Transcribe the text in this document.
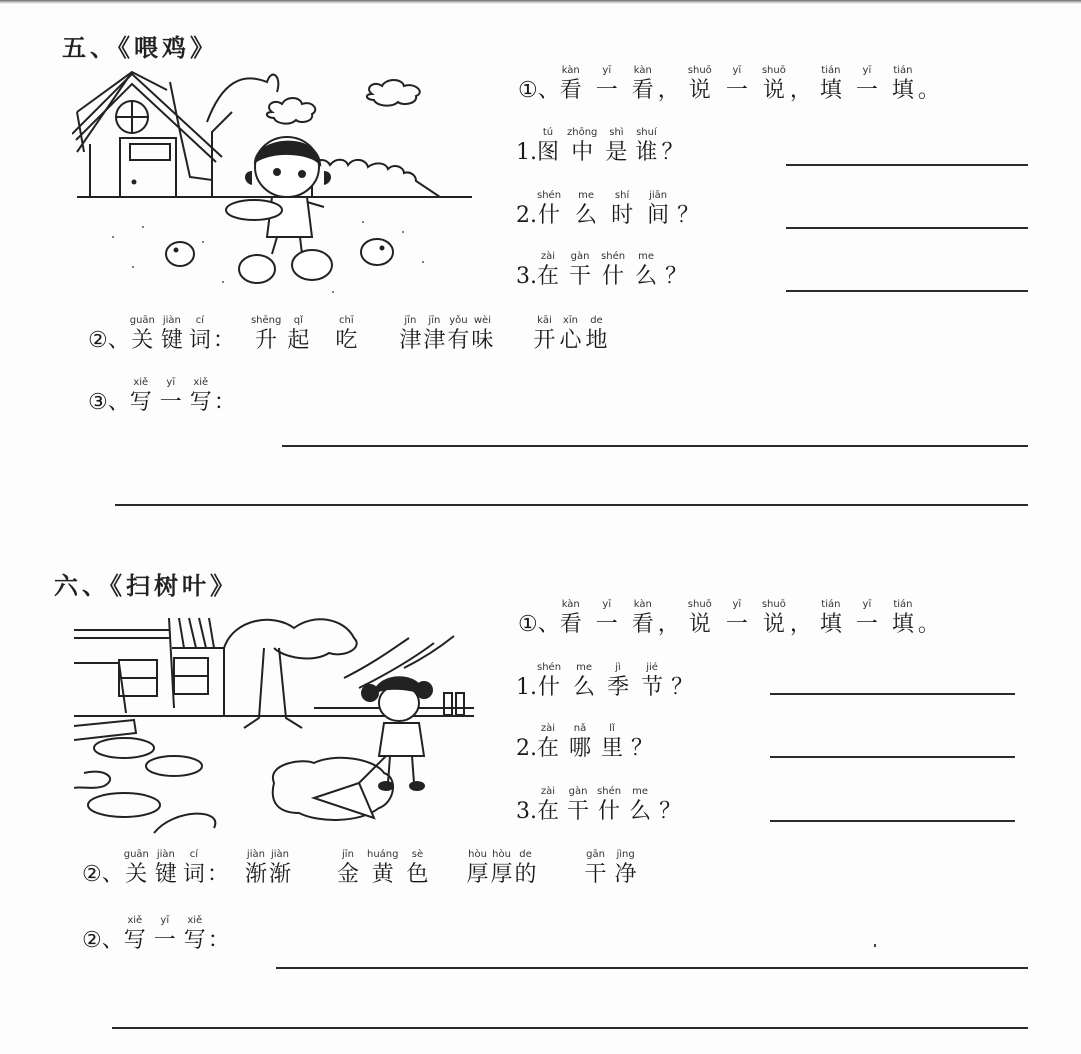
五、《喂鸡》
①、
kàn
看
yī
一
kàn
看 ，
shuō
说
yī
一
shuō
说 ，
tián
填
yī
一
tián
填 。
1.
tú
图
zhōng
中
shì
是
shuí
谁 ？
2.
shén
什
me
么
shí
时
jiān
间 ？
3.
zài
在
gàn
干
shén
什
me
么 ？
②、
guān
关
jiàn
键
cí
词 ：
shēng
升
qǐ
起
chī
吃
jīn
津
jīn
津
yǒu
有
wèi
味
kāi
开
xīn
心
de
地
③、
xiě
写
yī
一
xiě
写 ：
六、《扫树叶》
①、
kàn
看
yī
一
kàn
看 ，
shuō
说
yī
一
shuō
说 ，
tián
填
yī
一
tián
填 。
1.
shén
什
me
么
jì
季
jié
节 ？
2.
zài
在
nǎ
哪
lǐ
里 ？
3.
zài
在
gàn
干
shén
什
me
么 ？
②、
guān
关
jiàn
键
cí
词 ：
jiàn
渐
jiàn
渐
jīn
金
huáng
黄
sè
色
hòu
厚
hòu
厚
de
的
gān
干
jìng
净
②、
xiě
写
yī
一
xiě
写 ：
